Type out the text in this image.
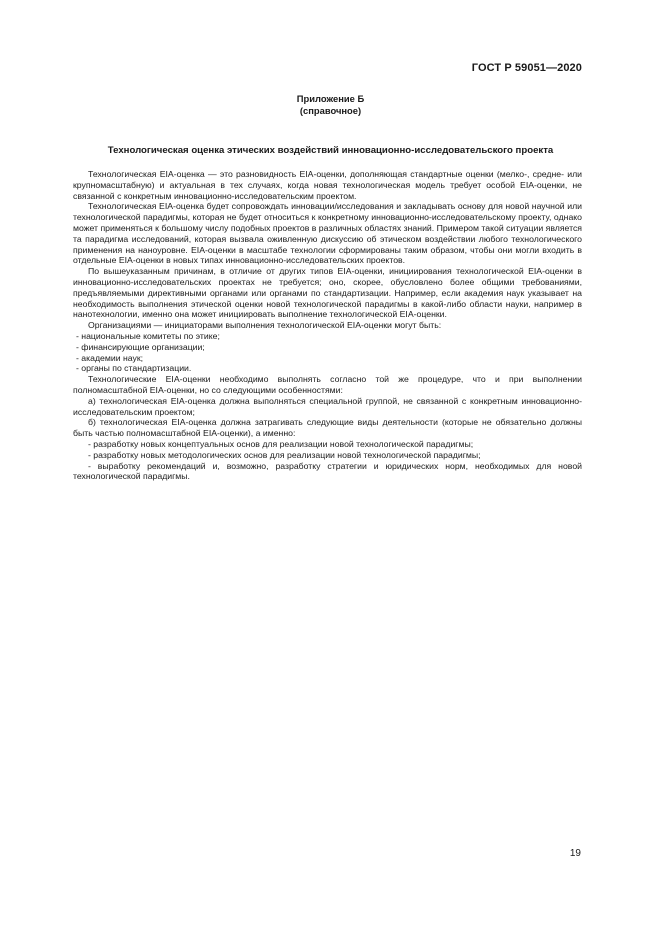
ГОСТ Р 59051—2020
Приложение Б
(справочное)
Технологическая оценка этических воздействий инновационно-исследовательского проекта

Технологическая EIA-оценка — это разновидность EIA-оценки, дополняющая стандартные оценки (мелко-, средне- или крупномасштабную) и актуальная в тех случаях, когда новая технологическая модель требует особой EIA-оценки, не связанной с конкретным инновационно-исследовательским проектом.

Технологическая EIA-оценка будет сопровождать инновации/исследования и закладывать основу для новой научной или технологической парадигмы, которая не будет относиться к конкретному инновационно-исследовательскому проекту, однако может применяться к большому числу подобных проектов в различных областях знаний. Примером такой ситуации является та парадигма исследований, которая вызвала оживленную дискуссию об этическом воздействии любого технологического применения на наноуровне. EIA-оценки в масштабе технологии сформированы таким образом, чтобы они могли входить в отдельные EIA-оценки в новых типах инновационно-исследовательских проектов.

По вышеуказанным причинам, в отличие от других типов EIA-оценки, инициирования технологической EIA-оценки в инновационно-исследовательских проектах не требуется; оно, скорее, обусловлено более общими требованиями, предъявляемыми директивными органами или органами по стандартизации. Например, если академия наук указывает на необходимость выполнения этической оценки новой технологической парадигмы в какой-либо области науки, например в нанотехнологии, именно она может инициировать выполнение технологической EIA-оценки.

Организациями — инициаторами выполнения технологической EIA-оценки могут быть:

- национальные комитеты по этике;

- финансирующие организации;

- академии наук;

- органы по стандартизации.

Технологические EIA-оценки необходимо выполнять согласно той же процедуре, что и при выполнении полномасштабной EIA-оценки, но со следующими особенностями:

а) технологическая EIA-оценка должна выполняться специальной группой, не связанной с конкретным инновационно-исследовательским проектом;

б) технологическая EIA-оценка должна затрагивать следующие виды деятельности (которые не обязательно должны быть частью полномасштабной EIA-оценки), а именно:

- разработку новых концептуальных основ для реализации новой технологической парадигмы;

- разработку новых методологических основ для реализации новой технологической парадигмы;

- выработку рекомендаций и, возможно, разработку стратегии и юридических норм, необходимых для новой технологической парадигмы.

19
